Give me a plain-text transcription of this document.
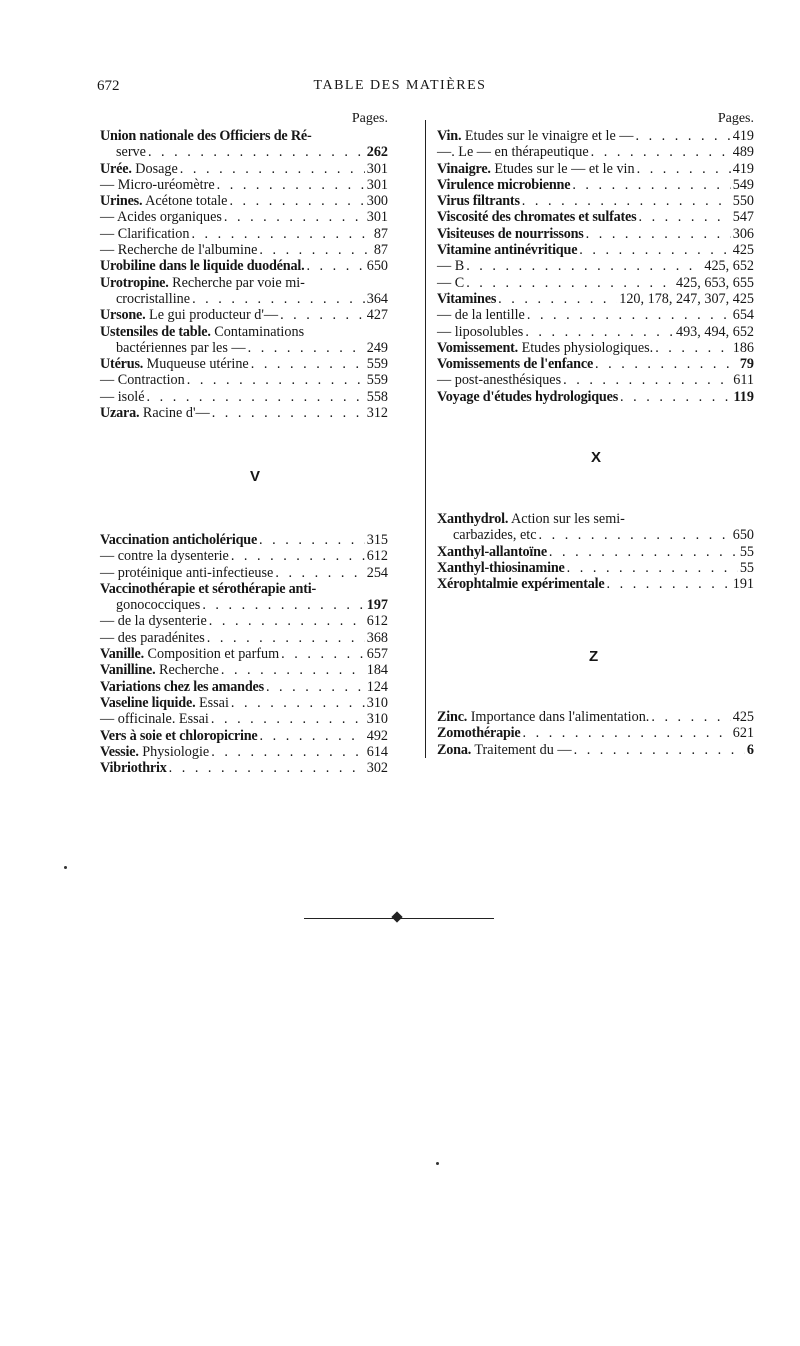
672	TABLE DES MATIÈRES
Pages.
Union nationale des Officiers de Ré-
serve . . .	262
Urée. Dosage . . .	301
— Micro-uréomètre . . .	301
Urines. Acétone totale . . .	300
— Acides organiques . . .	301
— Clarification . . .	87
— Recherche de l'albumine . . .	87
Urobiline dans le liquide duodénal. . . .	650
Urotropine. Recherche par voie mi-
crocristalline . . .	364
Ursone. Le gui producteur d'— . . .	427
Ustensiles de table. Contaminations
bactériennes par les — . . .	249
Utérus. Muqueuse utérine . . .	559
— Contraction . . .	559
— isolé . . .	558
Uzara. Racine d'— . . .	312
Pages.
Vin. Etudes sur le vinaigre et le — . . .	419
—. Le — en thérapeutique . . .	489
Vinaigre. Etudes sur le — et le vin . . .	419
Virulence microbienne . . .	549
Virus filtrants . . .	550
Viscosité des chromates et sulfates . . .	547
Visiteuses de nourrissons . . .	306
Vitamine antinévritique . . .	425
— B . . .	425, 652
— C . . .	425, 653, 655
Vitamines . . .	120, 178, 247, 307, 425
— de la lentille . . .	654
— liposolubles . . .	493, 494, 652
Vomissement. Etudes physiologiques. . . .	186
Vomissements de l'enfance . . .	79
— post-anesthésiques . . .	611
Voyage d'études hydrologiques . . .	119
V
X
Z
Vaccination anticholérique . . .	315
— contre la dysenterie . . .	612
— protéinique anti-infectieuse . . .	254
Vaccinothérapie et sérothérapie anti-
gonococciques . . .	197
— de la dysenterie . . .	612
— des paradénites . . .	368
Vanille. Composition et parfum . . .	657
Vanilline. Recherche . . .	184
Variations chez les amandes . . .	124
Vaseline liquide. Essai . . .	310
— officinale. Essai . . .	310
Vers à soie et chloropicrine . . .	492
Vessie. Physiologie . . .	614
Vibriothrix . . .	302
Xanthydrol. Action sur les semi-
carbazides, etc . . .	650
Xanthyl-allantoïne . . .	55
Xanthyl-thiosinamine . . .	55
Xérophtalmie expérimentale . . .	191
Zinc. Importance dans l'alimentation. . . .	425
Zomothérapie . . .	621
Zona. Traitement du — . . .	6
